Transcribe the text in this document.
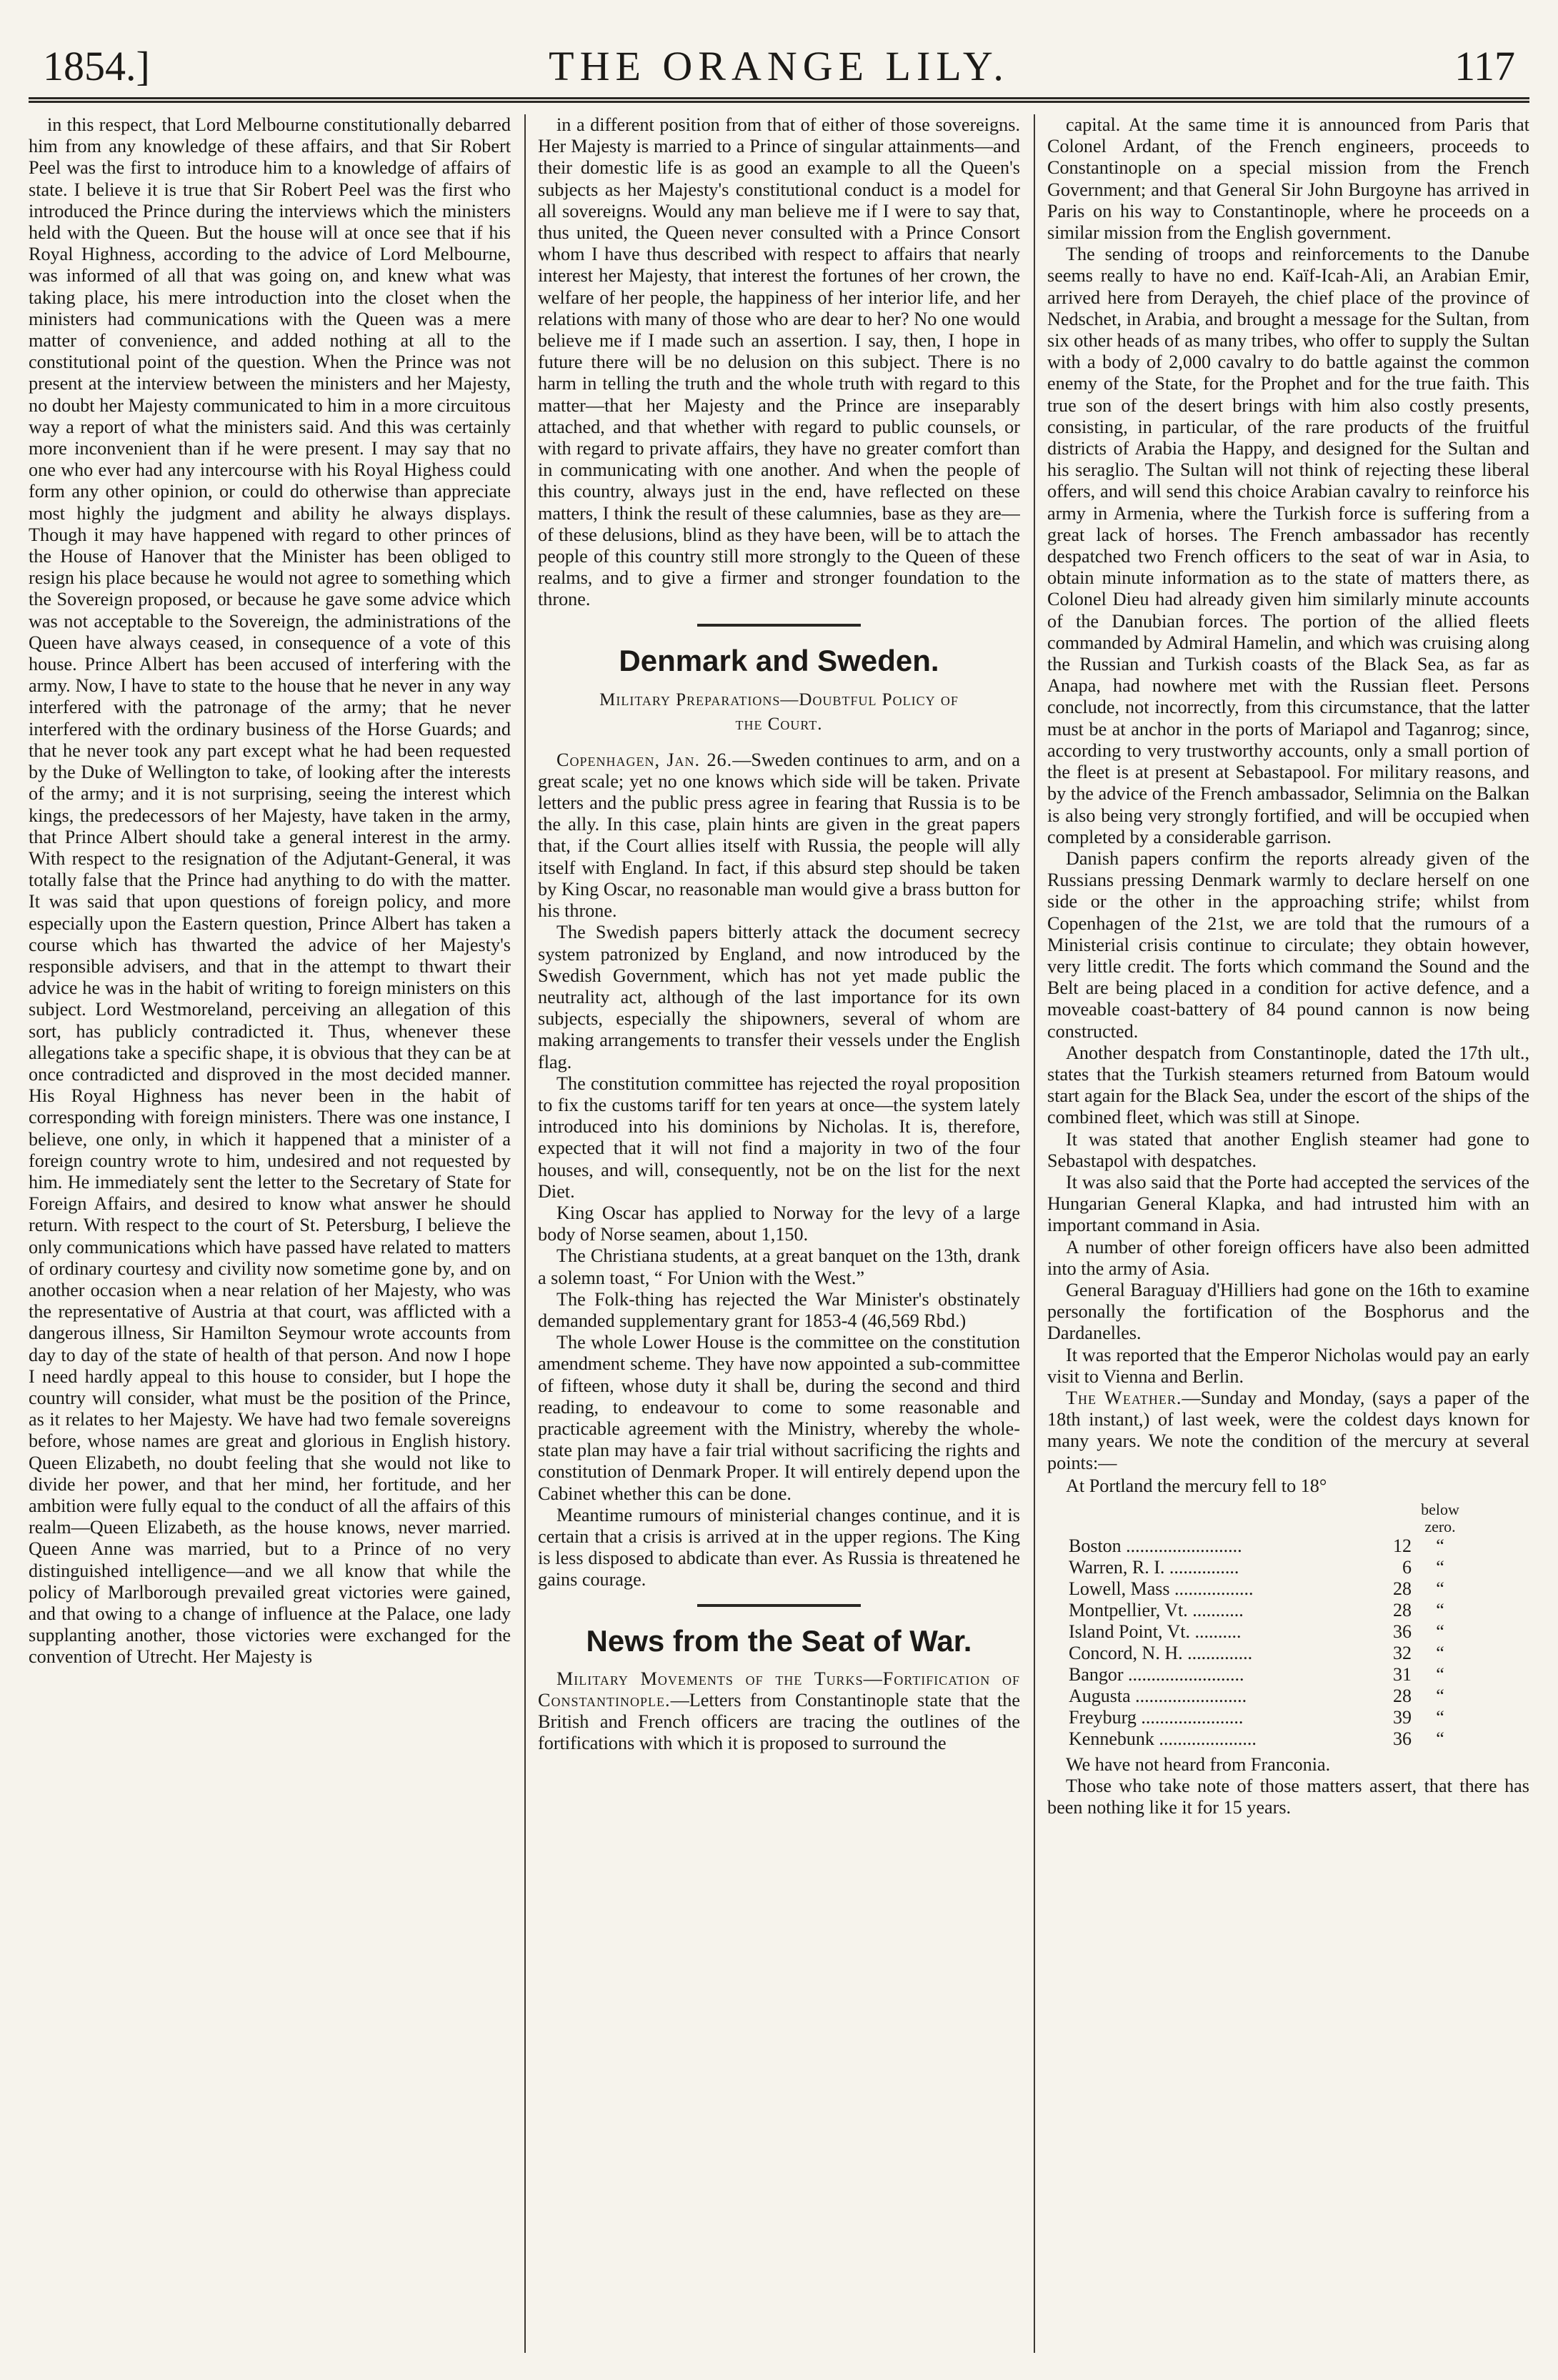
1854.]	THE ORANGE LILY.	117

in this respect, that Lord Melbourne constitutionally debarred him from any knowledge of these affairs, and that Sir Robert Peel was the first to introduce him to a knowledge of affairs of state. I believe it is true that Sir Robert Peel was the first who introduced the Prince during the interviews which the ministers held with the Queen. But the house will at once see that if his Royal Highness, according to the advice of Lord Melbourne, was informed of all that was going on, and knew what was taking place, his mere introduction into the closet when the ministers had communications with the Queen was a mere matter of convenience, and added nothing at all to the constitutional point of the question. When the Prince was not present at the interview between the ministers and her Majesty, no doubt her Majesty communicated to him in a more circuitous way a report of what the ministers said. And this was certainly more inconvenient than if he were present. I may say that no one who ever had any intercourse with his Royal Highess could form any other opinion, or could do otherwise than appreciate most highly the judgment and ability he always displays. Though it may have happened with regard to other princes of the House of Hanover that the Minister has been obliged to resign his place because he would not agree to something which the Sovereign proposed, or because he gave some advice which was not acceptable to the Sovereign, the administrations of the Queen have always ceased, in consequence of a vote of this house. Prince Albert has been accused of interfering with the army. Now, I have to state to the house that he never in any way interfered with the patronage of the army; that he never interfered with the ordinary business of the Horse Guards; and that he never took any part except what he had been requested by the Duke of Wellington to take, of looking after the interests of the army; and it is not surprising, seeing the interest which kings, the predecessors of her Majesty, have taken in the army, that Prince Albert should take a general interest in the army. With respect to the resignation of the Adjutant-General, it was totally false that the Prince had anything to do with the matter. It was said that upon questions of foreign policy, and more especially upon the Eastern question, Prince Albert has taken a course which has thwarted the advice of her Majesty's responsible advisers, and that in the attempt to thwart their advice he was in the habit of writing to foreign ministers on this subject. Lord Westmoreland, perceiving an allegation of this sort, has publicly contradicted it. Thus, whenever these allegations take a specific shape, it is obvious that they can be at once contradicted and disproved in the most decided manner. His Royal Highness has never been in the habit of corresponding with foreign ministers. There was one instance, I believe, one only, in which it happened that a minister of a foreign country wrote to him, undesired and not requested by him. He immediately sent the letter to the Secretary of State for Foreign Affairs, and desired to know what answer he should return. With respect to the court of St. Petersburg, I believe the only communications which have passed have related to matters of ordinary courtesy and civility now sometime gone by, and on another occasion when a near relation of her Majesty, who was the representative of Austria at that court, was afflicted with a dangerous illness, Sir Hamilton Seymour wrote accounts from day to day of the state of health of that person. And now I hope I need hardly appeal to this house to consider, but I hope the country will consider, what must be the position of the Prince, as it relates to her Majesty. We have had two female sovereigns before, whose names are great and glorious in English history. Queen Elizabeth, no doubt feeling that she would not like to divide her power, and that her mind, her fortitude, and her ambition were fully equal to the conduct of all the affairs of this realm—Queen Elizabeth, as the house knows, never married. Queen Anne was married, but to a Prince of no very distinguished intelligence—and we all know that while the policy of Marlborough prevailed great victories were gained, and that owing to a change of influence at the Palace, one lady supplanting another, those victories were exchanged for the convention of Utrecht. Her Majesty is

in a different position from that of either of those sovereigns. Her Majesty is married to a Prince of singular attainments—and their domestic life is as good an example to all the Queen's subjects as her Majesty's constitutional conduct is a model for all sovereigns. Would any man believe me if I were to say that, thus united, the Queen never consulted with a Prince Consort whom I have thus described with respect to affairs that nearly interest her Majesty, that interest the fortunes of her crown, the welfare of her people, the happiness of her interior life, and her relations with many of those who are dear to her? No one would believe me if I made such an assertion. I say, then, I hope in future there will be no delusion on this subject. There is no harm in telling the truth and the whole truth with regard to this matter—that her Majesty and the Prince are inseparably attached, and that whether with regard to public counsels, or with regard to private affairs, they have no greater comfort than in communicating with one another. And when the people of this country, always just in the end, have reflected on these matters, I think the result of these calumnies, base as they are—of these delusions, blind as they have been, will be to attach the people of this country still more strongly to the Queen of these realms, and to give a firmer and stronger foundation to the throne.

Denmark and Sweden.
Military Preparations—Doubtful Policy of
the Court.

Copenhagen, Jan. 26.—Sweden continues to arm, and on a great scale; yet no one knows which side will be taken. Private letters and the public press agree in fearing that Russia is to be the ally. In this case, plain hints are given in the great papers that, if the Court allies itself with Russia, the people will ally itself with England. In fact, if this absurd step should be taken by King Oscar, no reasonable man would give a brass button for his throne.

The Swedish papers bitterly attack the document secrecy system patronized by England, and now introduced by the Swedish Government, which has not yet made public the neutrality act, although of the last importance for its own subjects, especially the shipowners, several of whom are making arrangements to transfer their vessels under the English flag.

The constitution committee has rejected the royal proposition to fix the customs tariff for ten years at once—the system lately introduced into his dominions by Nicholas. It is, therefore, expected that it will not find a majority in two of the four houses, and will, consequently, not be on the list for the next Diet.

King Oscar has applied to Norway for the levy of a large body of Norse seamen, about 1,150.

The Christiana students, at a great banquet on the 13th, drank a solemn toast, “ For Union with the West.”

The Folk-thing has rejected the War Minister's obstinately demanded supplementary grant for 1853-4 (46,569 Rbd.)

The whole Lower House is the committee on the constitution amendment scheme. They have now appointed a sub-committee of fifteen, whose duty it shall be, during the second and third reading, to endeavour to come to some reasonable and practicable agreement with the Ministry, whereby the whole-state plan may have a fair trial without sacrificing the rights and constitution of Denmark Proper. It will entirely depend upon the Cabinet whether this can be done.

Meantime rumours of ministerial changes continue, and it is certain that a crisis is arrived at in the upper regions. The King is less disposed to abdicate than ever. As Russia is threatened he gains courage.

News from the Seat of War.

Military Movements of the Turks—Fortification of Constantinople.—Letters from Constantinople state that the British and French officers are tracing the outlines of the fortifications with which it is proposed to surround the

capital. At the same time it is announced from Paris that Colonel Ardant, of the French engineers, proceeds to Constantinople on a special mission from the French Government; and that General Sir John Burgoyne has arrived in Paris on his way to Constantinople, where he proceeds on a similar mission from the English government.

The sending of troops and reinforcements to the Danube seems really to have no end. Kaïf-Icah-Ali, an Arabian Emir, arrived here from Derayeh, the chief place of the province of Nedschet, in Arabia, and brought a message for the Sultan, from six other heads of as many tribes, who offer to supply the Sultan with a body of 2,000 cavalry to do battle against the common enemy of the State, for the Prophet and for the true faith. This true son of the desert brings with him also costly presents, consisting, in particular, of the rare products of the fruitful districts of Arabia the Happy, and designed for the Sultan and his seraglio. The Sultan will not think of rejecting these liberal offers, and will send this choice Arabian cavalry to reinforce his army in Armenia, where the Turkish force is suffering from a great lack of horses. The French ambassador has recently despatched two French officers to the seat of war in Asia, to obtain minute information as to the state of matters there, as Colonel Dieu had already given him similarly minute accounts of the Danubian forces. The portion of the allied fleets commanded by Admiral Hamelin, and which was cruising along the Russian and Turkish coasts of the Black Sea, as far as Anapa, had nowhere met with the Russian fleet. Persons conclude, not incorrectly, from this circumstance, that the latter must be at anchor in the ports of Mariapol and Taganrog; since, according to very trustworthy accounts, only a small portion of the fleet is at present at Sebastapool. For military reasons, and by the advice of the French ambassador, Selimnia on the Balkan is also being very strongly fortified, and will be occupied when completed by a considerable garrison.

Danish papers confirm the reports already given of the Russians pressing Denmark warmly to declare herself on one side or the other in the approaching strife; whilst from Copenhagen of the 21st, we are told that the rumours of a Ministerial crisis continue to circulate; they obtain however, very little credit. The forts which command the Sound and the Belt are being placed in a condition for active defence, and a moveable coast-battery of 84 pound cannon is now being constructed.

Another despatch from Constantinople, dated the 17th ult., states that the Turkish steamers returned from Batoum would start again for the Black Sea, under the escort of the ships of the combined fleet, which was still at Sinope.

It was stated that another English steamer had gone to Sebastapol with despatches.

It was also said that the Porte had accepted the services of the Hungarian General Klapka, and had intrusted him with an important command in Asia.

A number of other foreign officers have also been admitted into the army of Asia.

General Baraguay d'Hilliers had gone on the 16th to examine personally the fortification of the Bosphorus and the Dardanelles.

It was reported that the Emperor Nicholas would pay an early visit to Vienna and Berlin.

The Weather.—Sunday and Monday, (says a paper of the 18th instant,) of last week, were the coldest days known for many years. We note the condition of the mercury at several points:—

At Portland the mercury fell to 18°

		below
zero.
Boston .........................	12	“
Warren, R. I. ...............	6	“
Lowell, Mass .................	28	“
Montpellier, Vt. ...........	28	“
Island Point, Vt. ..........	36	“
Concord, N. H. ..............	32	“
Bangor .........................	31	“
Augusta ........................	28	“
Freyburg ......................	39	“
Kennebunk .....................	36	“

We have not heard from Franconia.

Those who take note of those matters assert, that there has been nothing like it for 15 years.
